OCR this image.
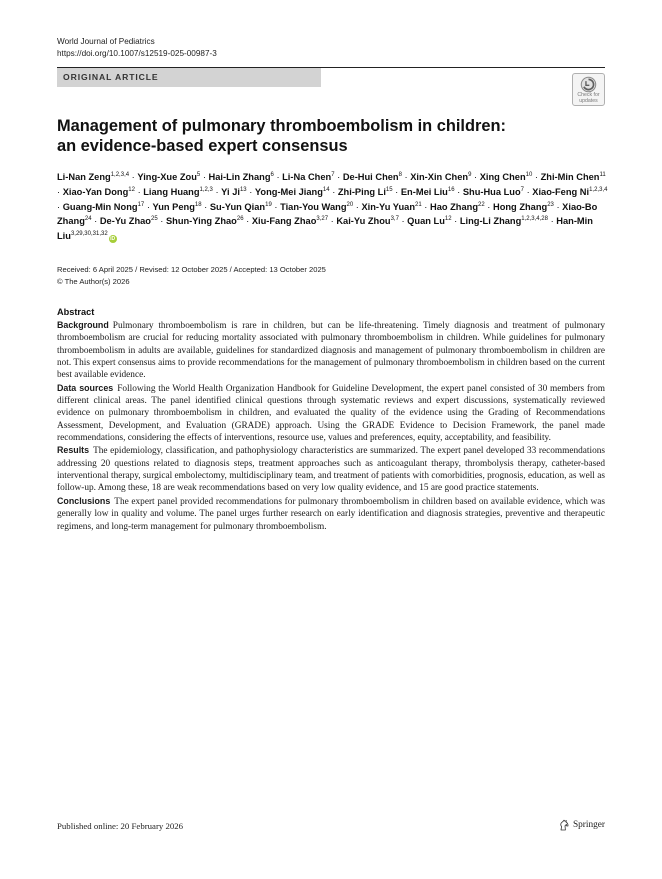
World Journal of Pediatrics
https://doi.org/10.1007/s12519-025-00987-3
ORIGINAL ARTICLE
Check for
updates
Management of pulmonary thromboembolism in children:
an evidence-based expert consensus
Li-Nan Zeng$^{1,2,3,4}$ · Ying-Xue Zou$^5$ · Hai-Lin Zhang$^6$ · Li-Na Chen$^7$ · De-Hui Chen$^8$ · Xin-Xin Chen$^9$ · Xing Chen$^{10}$ · Zhi-Min Chen$^{11}$ · Xiao-Yan Dong$^{12}$ · Liang Huang$^{1,2,3}$ · Yi $Ji^{13}$ · Yong-Mei Jiang$^{14}$ · Zhi-Ping $Li^{15} \cdot En-Mei$ Liu$^{16}$ · Shu-Hua Luo$^7$ · Xiao-Feng Ni$^{1,2,3,4}$ · Guang-Min Nong$^{17}$ · Yun Peng$^{18}$ · Su-Yun Qian$^{19}$ · Tian-You Wang$^{20}$ · Xin-Yu Yuan$^{21}$ · Hao Zhang$^{22}$ · Hong Zhang$^{23}$ · Xiao-Bo Zhang$^{24}$ · De-Yu Zhao$^{25}$ · Shun-Ying Zhao$^{26}$ · Xiu-Fang Zhao$^{3,27}$ · Kai-Yu Zhou$^{3,7}$ · Quan $Lu^{12}$ · Ling-Li Zhang$^{1,2,3,4,28}$ · Han-Min Liu$^{3,29,30,31,32}$iD
Received: 6 April 2025 / Revised: 12 October 2025 / Accepted: 13 October 2025
© The Author(s) 2026
Abstract

Background Pulmonary thromboembolism is rare in children, but can be life-threatening. Timely diagnosis and treatment of pulmonary thromboembolism are crucial for reducing mortality associated with pulmonary thromboembolism in children. While guidelines for pulmonary thromboembolism in adults are available, guidelines for standardized diagnosis and management of pulmonary thromboembolism in children are not. This expert consensus aims to provide recommendations for the management of pulmonary thromboembolism in children based on the current best available evidence.

Data sources Following the World Health Organization Handbook for Guideline Development, the expert panel consisted of 30 members from different clinical areas. The panel identified clinical questions through systematic reviews and expert discussions, systematically reviewed evidence on pulmonary thromboembolism in children, and evaluated the quality of the evidence using the Grading of Recommendations Assessment, Development, and Evaluation (GRADE) approach. Using the GRADE Evidence to Decision Framework, the panel made recommendations, considering the effects of interventions, resource use, values and preferences, equity, acceptability, and feasibility.

Results The epidemiology, classification, and pathophysiology characteristics are summarized. The expert panel developed 33 recommendations addressing 20 questions related to diagnosis steps, treatment approaches such as anticoagulant therapy, thrombolysis therapy, catheter-based interventional therapy, surgical embolectomy, multidisciplinary team, and treatment of patients with comorbidities, prognosis, education, as well as follow-up. Among these, 18 are weak recommendations based on very low quality evidence, and 15 are good practice statements.

Conclusions The expert panel provided recommendations for pulmonary thromboembolism in children based on available evidence, which was generally low in quality and volume. The panel urges further research on early identification and diagnosis strategies, preventive and therapeutic regimens, and long-term management for pulmonary thromboembolism.

Published online: 20 February 2026	Springer
